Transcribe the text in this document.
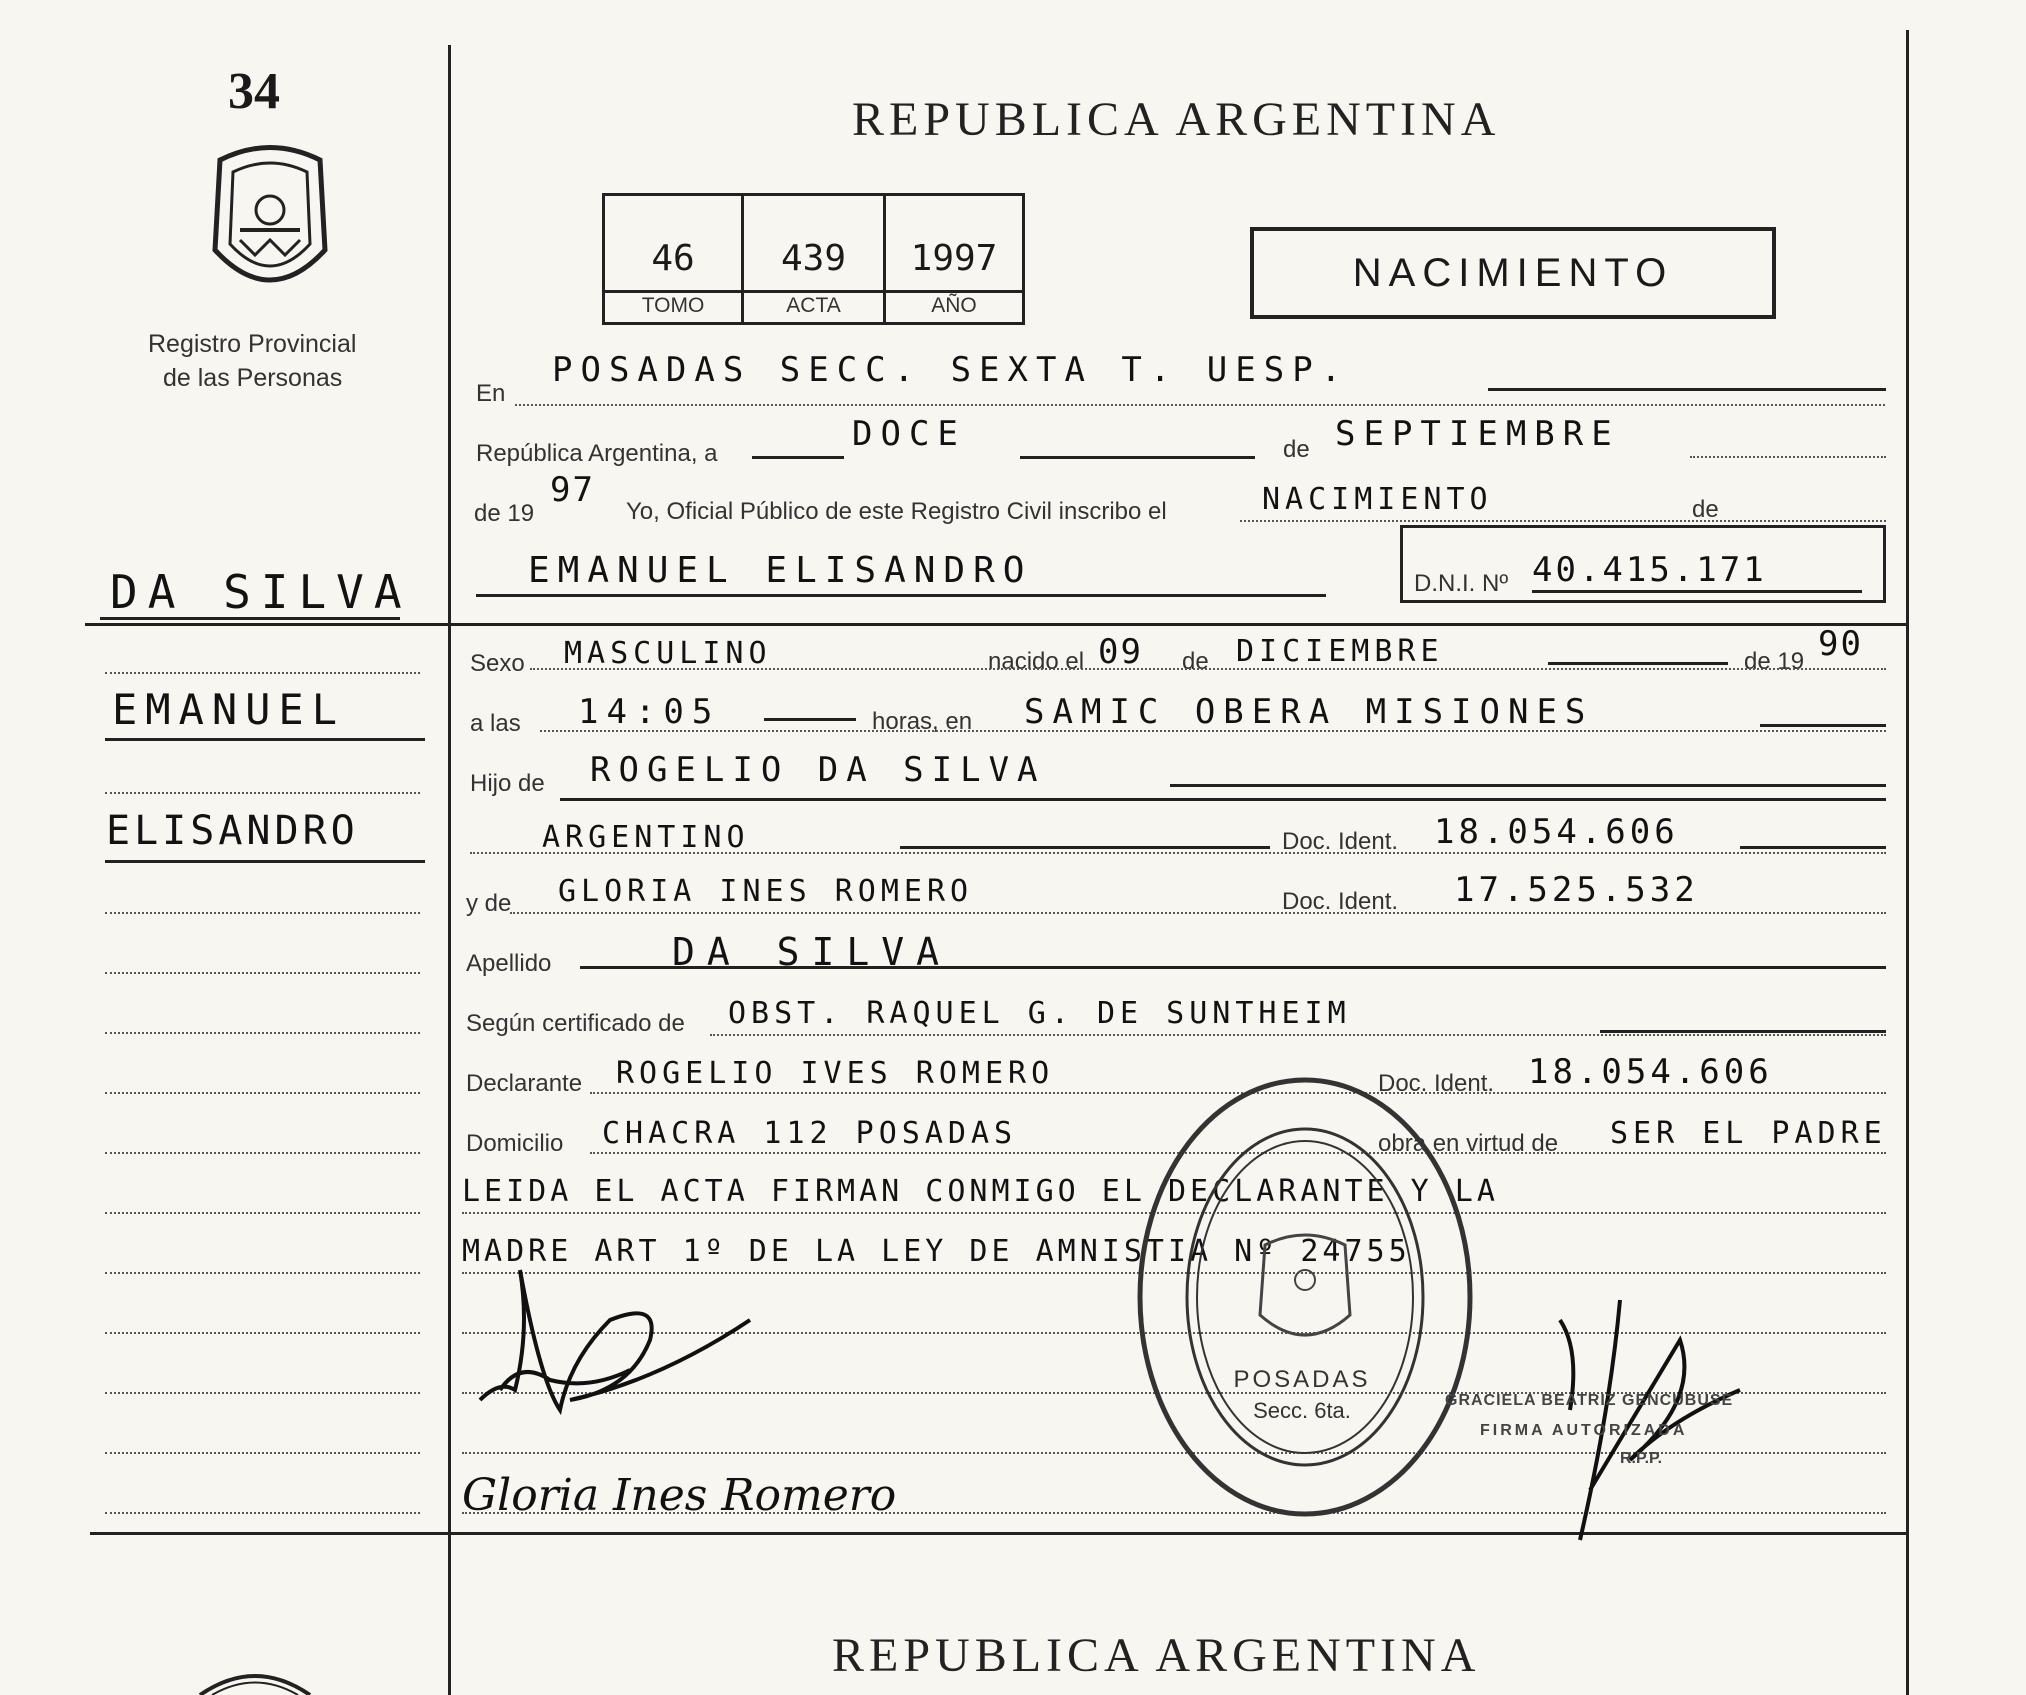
34
Registro Provincial
de las Personas
REPUBLICA ARGENTINA
46
TOMO
439
ACTA
1997
AÑO
NACIMIENTO
DA SILVA
EMANUEL
ELISANDRO
En
POSADAS SECC. SEXTA T. UESP.
República Argentina, a	DOCE	de SEPTIEMBRE
de 19
97
Yo, Oficial Público de este Registro Civil inscribo el	NACIMIENTO	de
EMANUEL ELISANDRO	D.N.I. Nº 40.415.171
Sexo MASCULINO	nacido el 09 de DICIEMBRE	de 19 90
a las 14:05	horas, en SAMIC OBERA MISIONES
Hijo de ROGELIO DA SILVA
ARGENTINO	Doc. Ident. 18.054.606
y de GLORIA INES ROMERO	Doc. Ident. 17.525.532
Apellido	DA SILVA
Según certificado de OBST. RAQUEL G. DE SUNTHEIM
Declarante ROGELIO IVES ROMERO	Doc. Ident. 18.054.606
Domicilio CHACRA 112 POSADAS	obra en virtud de SER EL PADRE
LEIDA EL ACTA FIRMAN CONMIGO EL DECLARANTE Y LA
MADRE ART 1º DE LA LEY DE AMNISTIA Nº 24755
Gloria Ines Romero
POSADAS
Secc. 6ta.	GRACIELA BEATRIZ GENCUBUSE
FIRMA AUTORIZADA
R.P.P.
REPUBLICA ARGENTINA
